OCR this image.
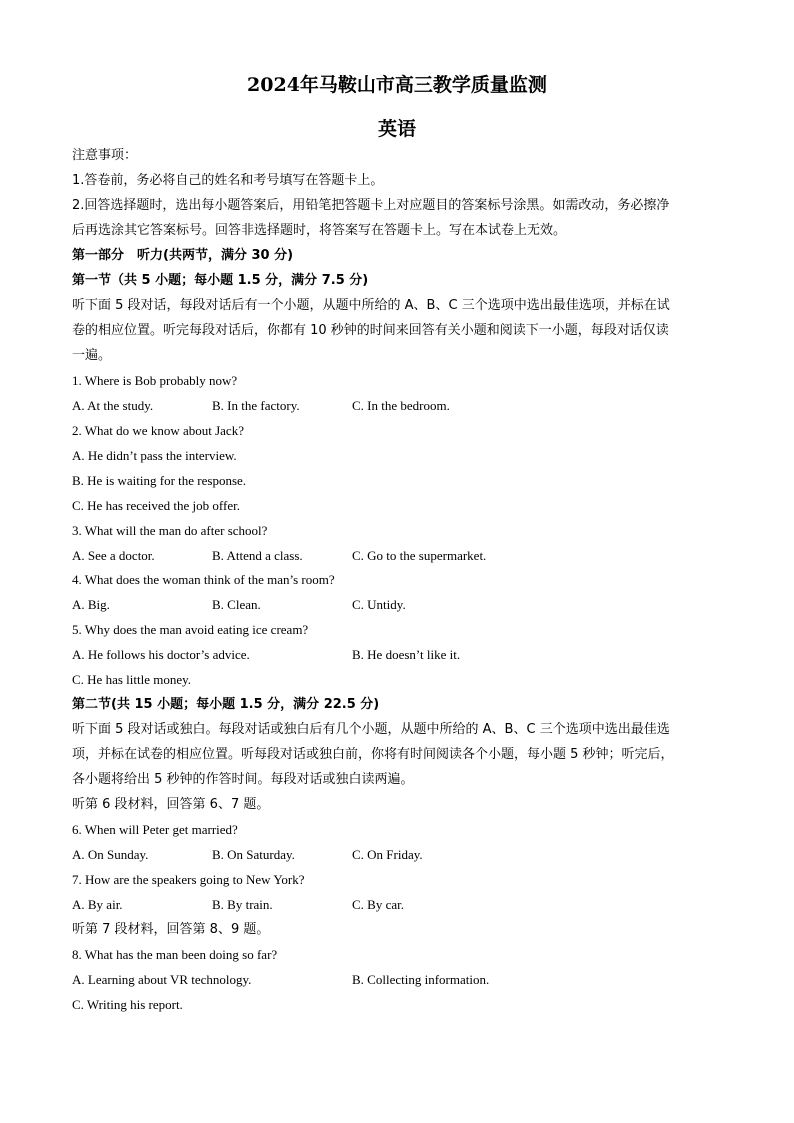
2024年马鞍山市高三教学质量监测
英语
注意事项：
1.答卷前，务必将自己的姓名和考号填写在答题卡上。
2.回答选择题时，选出每小题答案后，用铅笔把答题卡上对应题目的答案标号涂黑。如需改动，务必擦净
后再选涂其它答案标号。回答非选择题时，将答案写在答题卡上。写在本试卷上无效。
第一部分　听力(共两节，满分 30 分)
第一节（共 5 小题；每小题 1.5 分，满分 7.5 分)
听下面 5 段对话，每段对话后有一个小题，从题中所给的 A、B、C 三个选项中选出最佳选项，并标在试
卷的相应位置。听完每段对话后，你都有 10 秒钟的时间来回答有关小题和阅读下一小题，每段对话仅读
一遍。
1. Where is Bob probably now?
A. At the study.	B. In the factory.	C. In the bedroom.
2. What do we know about Jack?
A. He didn’t pass the interview.
B. He is waiting for the response.
C. He has received the job offer.
3. What will the man do after school?
A. See a doctor.	B. Attend a class.	C. Go to the supermarket.
4. What does the woman think of the man’s room?
A. Big.	B. Clean.	C. Untidy.
5. Why does the man avoid eating ice cream?
A. He follows his doctor’s advice.	B. He doesn’t like it.
C. He has little money.
第二节(共 15 小题；每小题 1.5 分，满分 22.5 分)
听下面 5 段对话或独白。每段对话或独白后有几个小题，从题中所给的 A、B、C 三个选项中选出最佳选
项，并标在试卷的相应位置。听每段对话或独白前，你将有时间阅读各个小题，每小题 5 秒钟；听完后，
各小题将给出 5 秒钟的作答时间。每段对话或独白读两遍。
听第 6 段材料，回答第 6、7 题。
6. When will Peter get married?
A. On Sunday.	B. On Saturday.	C. On Friday.
7. How are the speakers going to New York?
A. By air.	B. By train.	C. By car.
听第 7 段材料，回答第 8、9 题。
8. What has the man been doing so far?
A. Learning about VR technology.	B. Collecting information.
C. Writing his report.
